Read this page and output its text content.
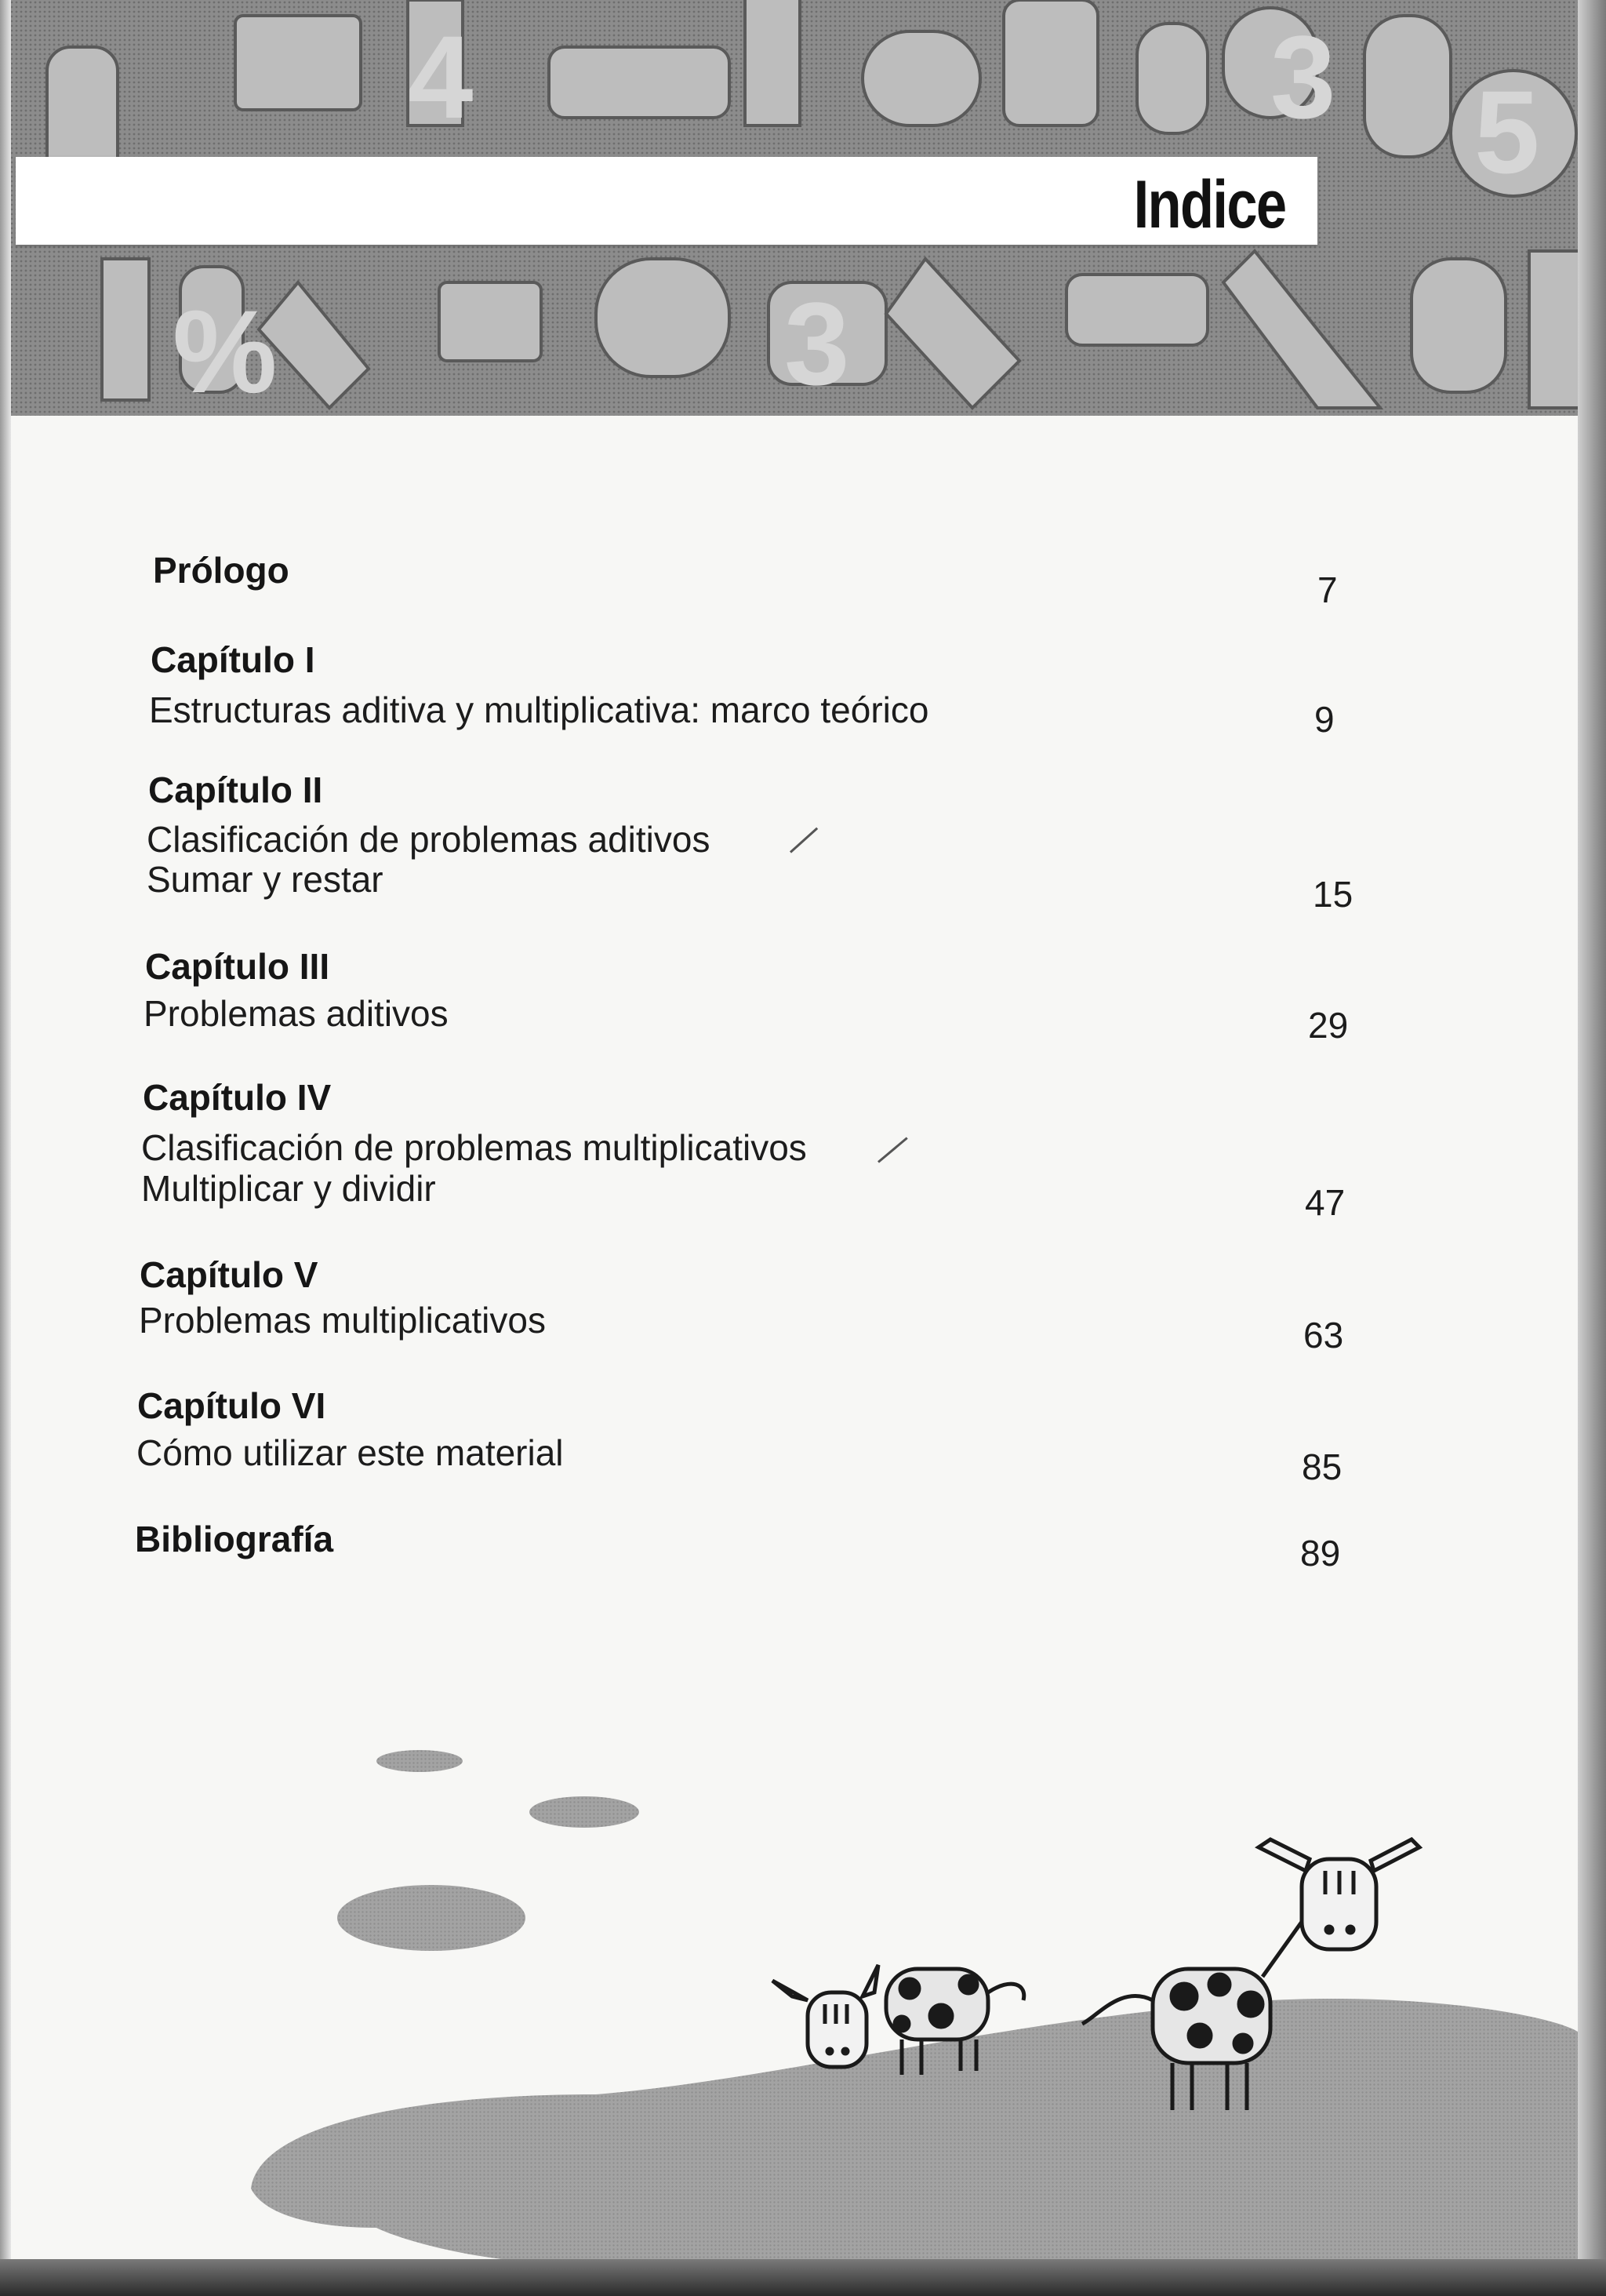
4	3 5
%	3
Indice
Prólogo	7
Capítulo I
Estructuras aditiva y multiplicativa: marco teórico	9
Capítulo II
Clasificación de problemas aditivos
Sumar y restar	15
Capítulo III
Problemas aditivos	29
Capítulo IV
Clasificación de problemas multiplicativos
Multiplicar y dividir	47
Capítulo V
Problemas multiplicativos	63
Capítulo VI
Cómo utilizar este material	85
Bibliografía	89
